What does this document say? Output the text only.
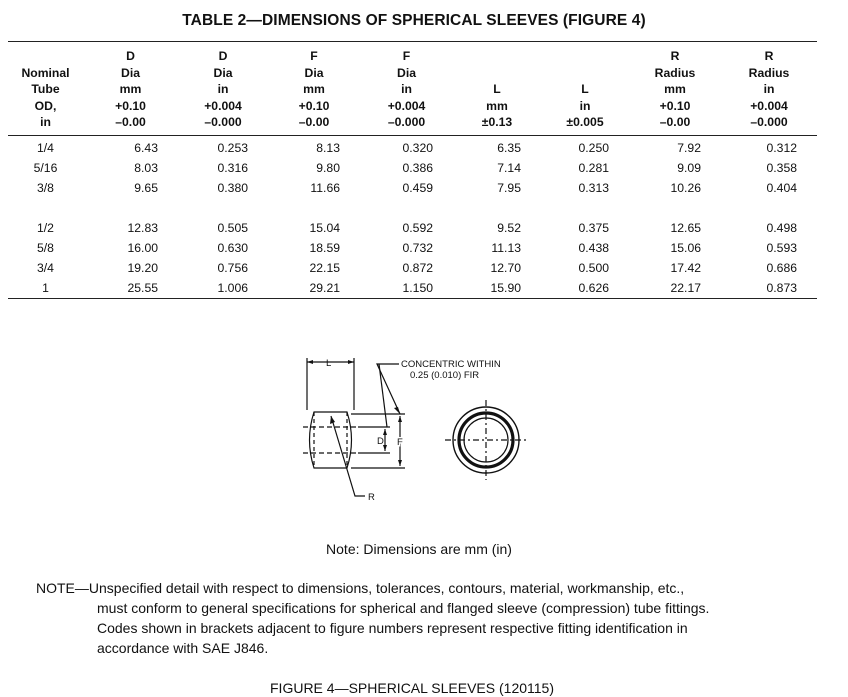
TABLE 2—DIMENSIONS OF SPHERICAL SLEEVES (FIGURE 4)
Nominal
Tube
OD,
in	D
Dia
mm
+0.10
–0.00	D
Dia
in
+0.004
–0.000	F
Dia
mm
+0.10
–0.00	F
Dia
in
+0.004
–0.000	L
mm
±0.13	L
in
±0.005	R
Radius
mm
+0.10
–0.00	R
Radius
in
+0.004
–0.000

1/4	6.43	0.253	8.13	0.320	6.35	0.250	7.92	0.312
5/16	8.03	0.316	9.80	0.386	7.14	0.281	9.09	0.358
3/8	9.65	0.380	11.66	0.459	7.95	0.313	10.26	0.404

1/2	12.83	0.505	15.04	0.592	9.52	0.375	12.65	0.498
5/8	16.00	0.630	18.59	0.732	11.13	0.438	15.06	0.593
3/4	19.20	0.756	22.15	0.872	12.70	0.500	17.42	0.686
1	25.55	1.006	29.21	1.150	15.90	0.626	22.17	0.873
L
D F
R
CONCENTRIC WITHIN
0.25 (0.010) FIR
Note: Dimensions are mm (in)
NOTE—Unspecified detail with respect to dimensions, tolerances, contours, material, workmanship, etc.,
must conform to general specifications for spherical and flanged sleeve (compression) tube fittings.
Codes shown in brackets adjacent to figure numbers represent respective fitting identification in
accordance with SAE J846.
FIGURE 4—SPHERICAL SLEEVES (120115)
